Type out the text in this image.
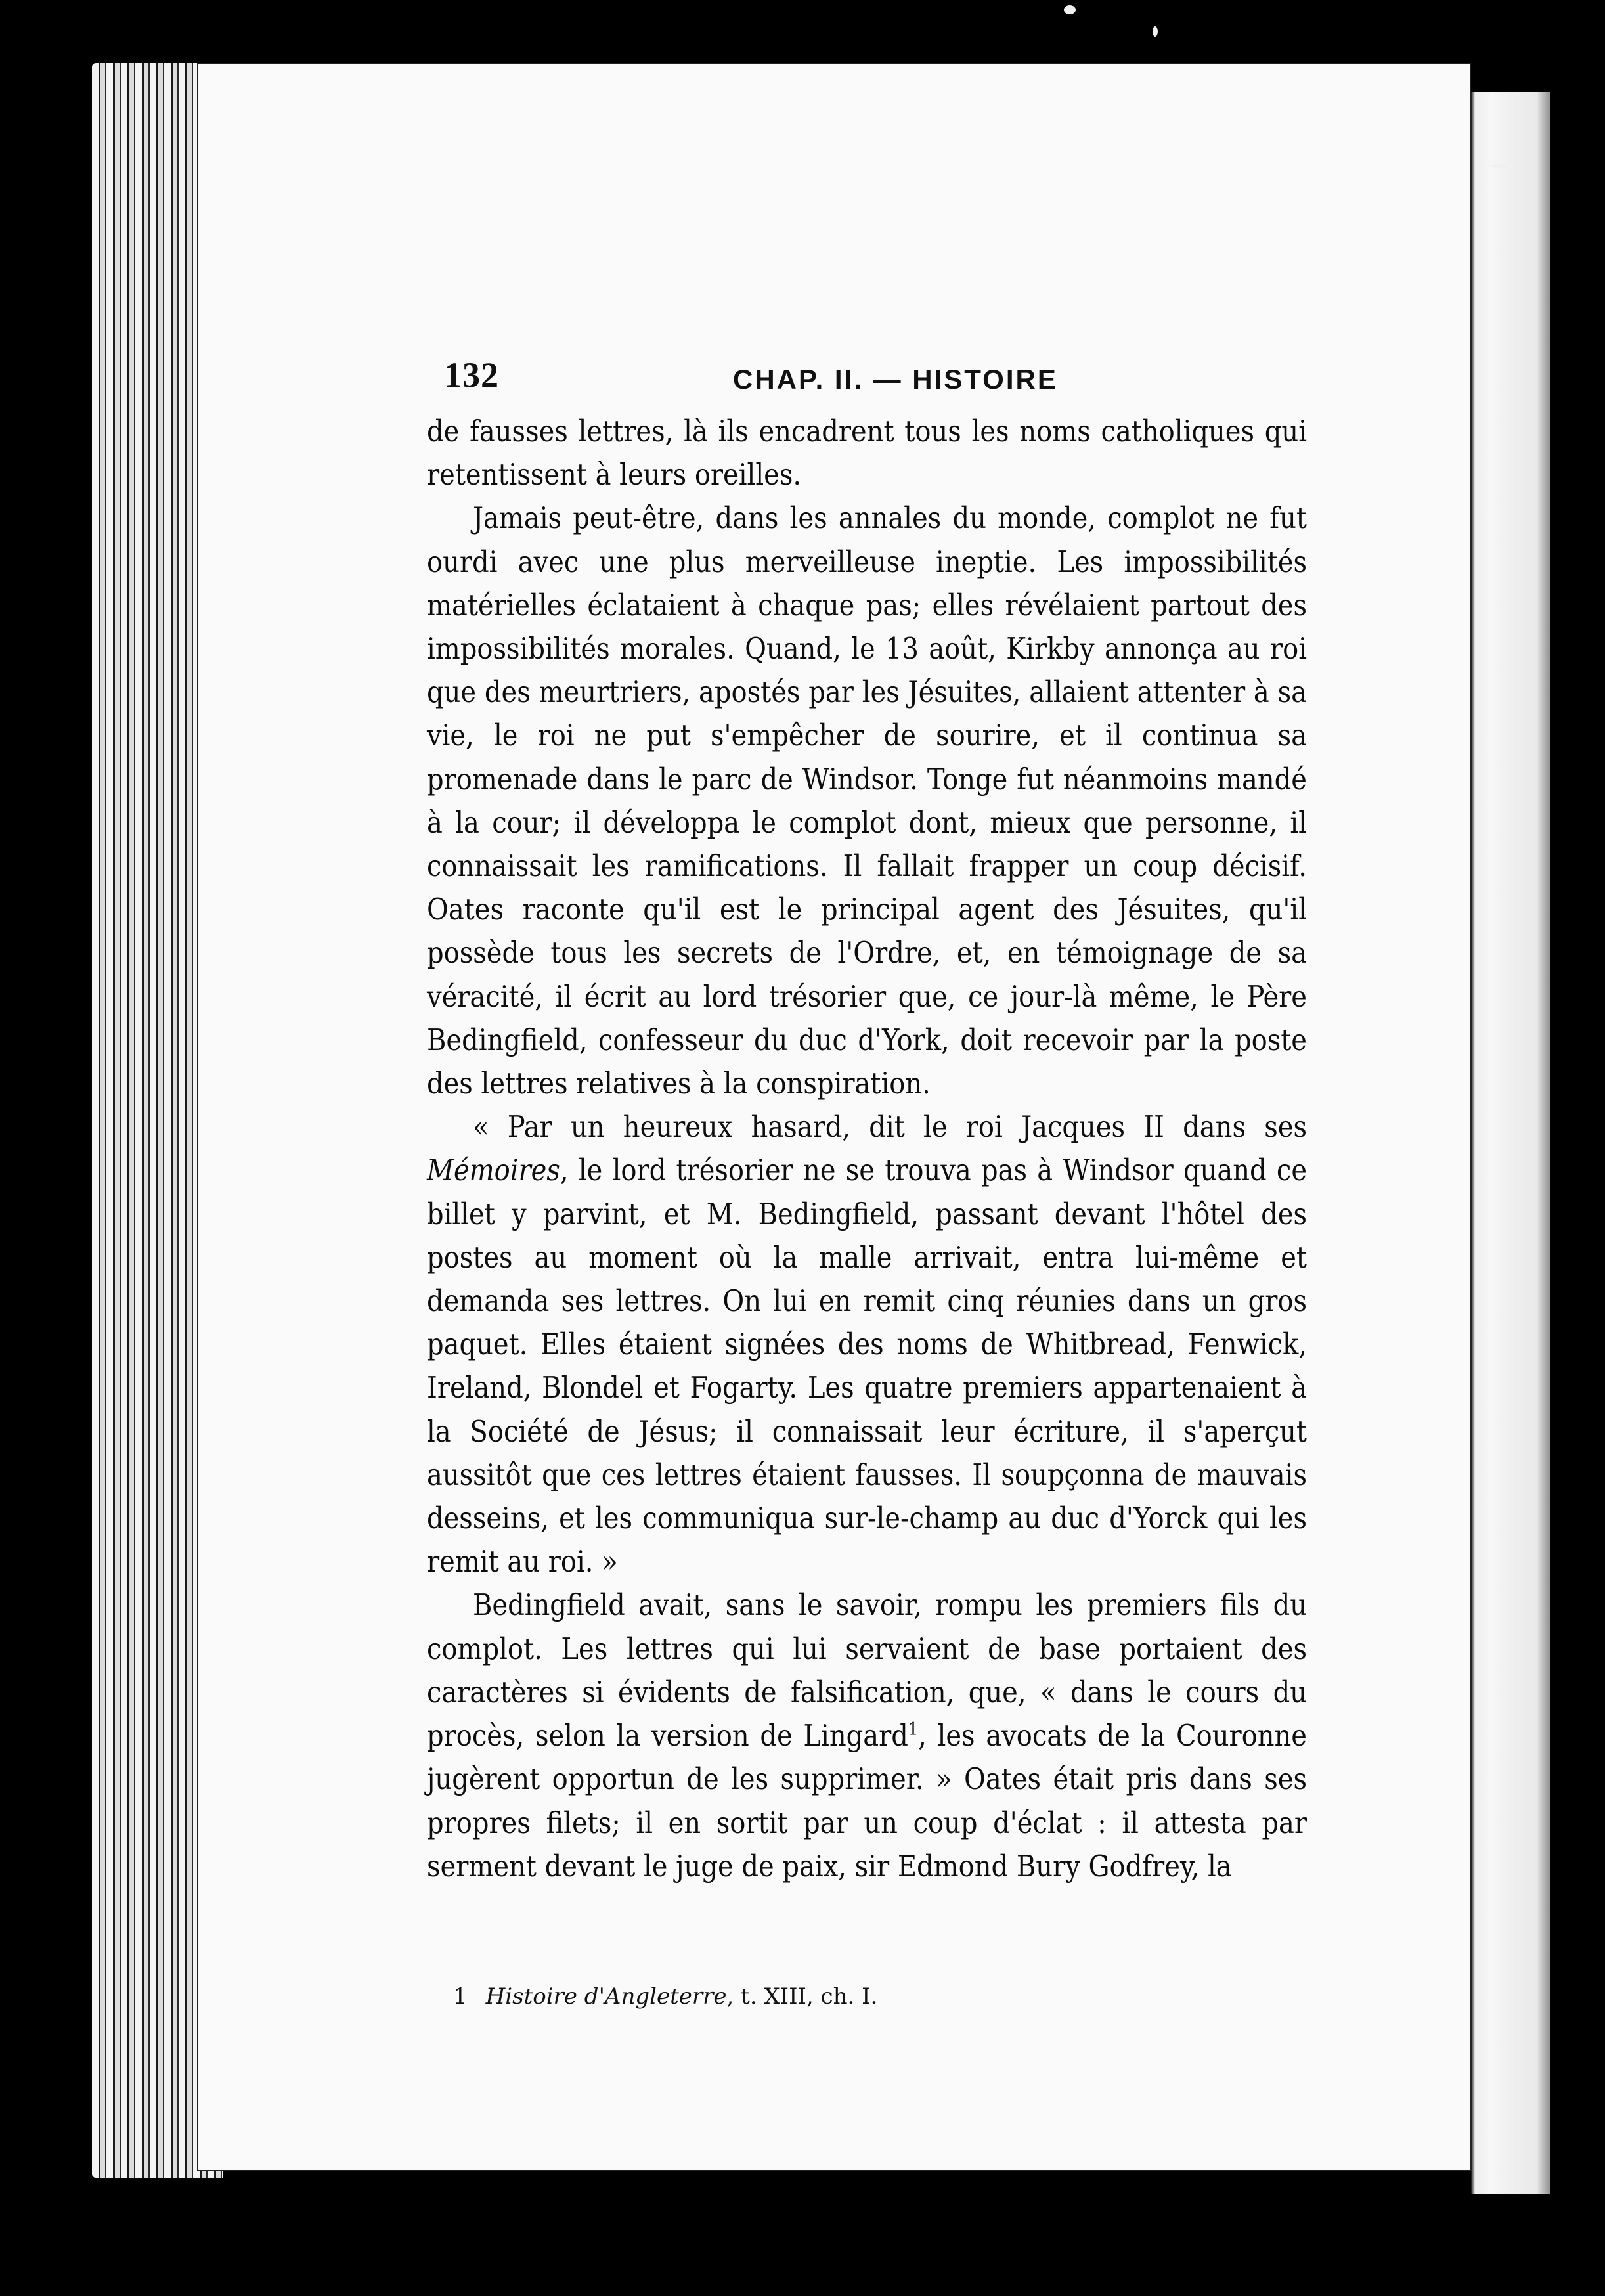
132	CHAP. II. — HISTOIRE

de fausses lettres, là ils encadrent tous les noms catholiques qui retentissent à leurs oreilles.

Jamais peut-être, dans les annales du monde, complot ne fut ourdi avec une plus merveilleuse ineptie. Les impossibilités matérielles éclataient à chaque pas; elles révélaient partout des impossibilités morales. Quand, le 13 août, Kirkby annonça au roi que des meurtriers, apostés par les Jésuites, allaient attenter à sa vie, le roi ne put s'empêcher de sourire, et il continua sa promenade dans le parc de Windsor. Tonge fut néanmoins mandé à la cour; il développa le complot dont, mieux que personne, il connaissait les ramifications. Il fallait frapper un coup décisif. Oates raconte qu'il est le principal agent des Jésuites, qu'il possède tous les secrets de l'Ordre, et, en témoignage de sa véracité, il écrit au lord trésorier que, ce jour-là même, le Père Bedingfield, confesseur du duc d'York, doit recevoir par la poste des lettres relatives à la conspiration.

« Par un heureux hasard, dit le roi Jacques II dans ses Mémoires, le lord trésorier ne se trouva pas à Windsor quand ce billet y parvint, et M. Bedingfield, passant devant l'hôtel des postes au moment où la malle arrivait, entra lui-même et demanda ses lettres. On lui en remit cinq réunies dans un gros paquet. Elles étaient signées des noms de Whitbread, Fenwick, Ireland, Blondel et Fogarty. Les quatre premiers appartenaient à la Société de Jésus; il connaissait leur écriture, il s'aperçut aussitôt que ces lettres étaient fausses. Il soupçonna de mauvais desseins, et les communiqua sur-le-champ au duc d'Yorck qui les remit au roi. »

Bedingfield avait, sans le savoir, rompu les premiers fils du complot. Les lettres qui lui servaient de base portaient des caractères si évidents de falsification, que, « dans le cours du procès, selon la version de Lingard$^1$, les avocats de la Couronne jugèrent opportun de les supprimer. » Oates était pris dans ses propres filets; il en sortit par un coup d'éclat : il attesta par serment devant le juge de paix, sir Edmond Bury Godfrey, la

1 Histoire d'Angleterre, t. XIII, ch. I.
